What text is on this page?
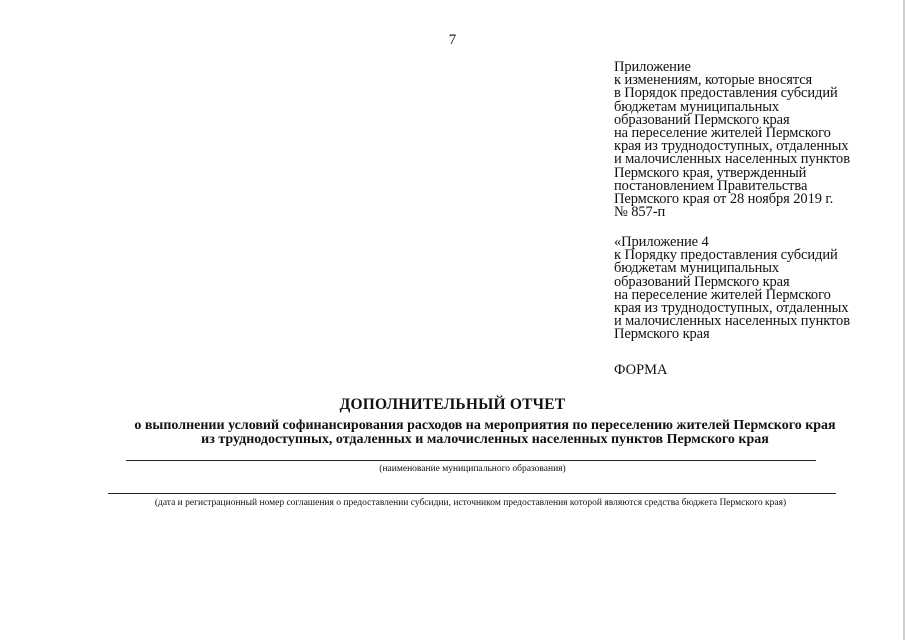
7
Приложение
к изменениям, которые вносятся
в Порядок предоставления субсидий
бюджетам муниципальных
образований Пермского края
на переселение жителей Пермского
края из труднодоступных, отдаленных
и малочисленных населенных пунктов
Пермского края, утвержденный
постановлением Правительства
Пермского края от 28 ноября 2019 г.
№ 857-п
«Приложение 4
к Порядку предоставления субсидий
бюджетам муниципальных
образований Пермского края
на переселение жителей Пермского
края из труднодоступных, отдаленных
и малочисленных населенных пунктов
Пермского края
ФОРМА
ДОПОЛНИТЕЛЬНЫЙ ОТЧЕТ
о выполнении условий софинансирования расходов на мероприятия по переселению жителей Пермского края
из труднодоступных, отдаленных и малочисленных населенных пунктов Пермского края
(наименование муниципального образования)
(дата и регистрационный номер соглашения о предоставлении субсидии, источником предоставления которой являются средства бюджета Пермского края)
